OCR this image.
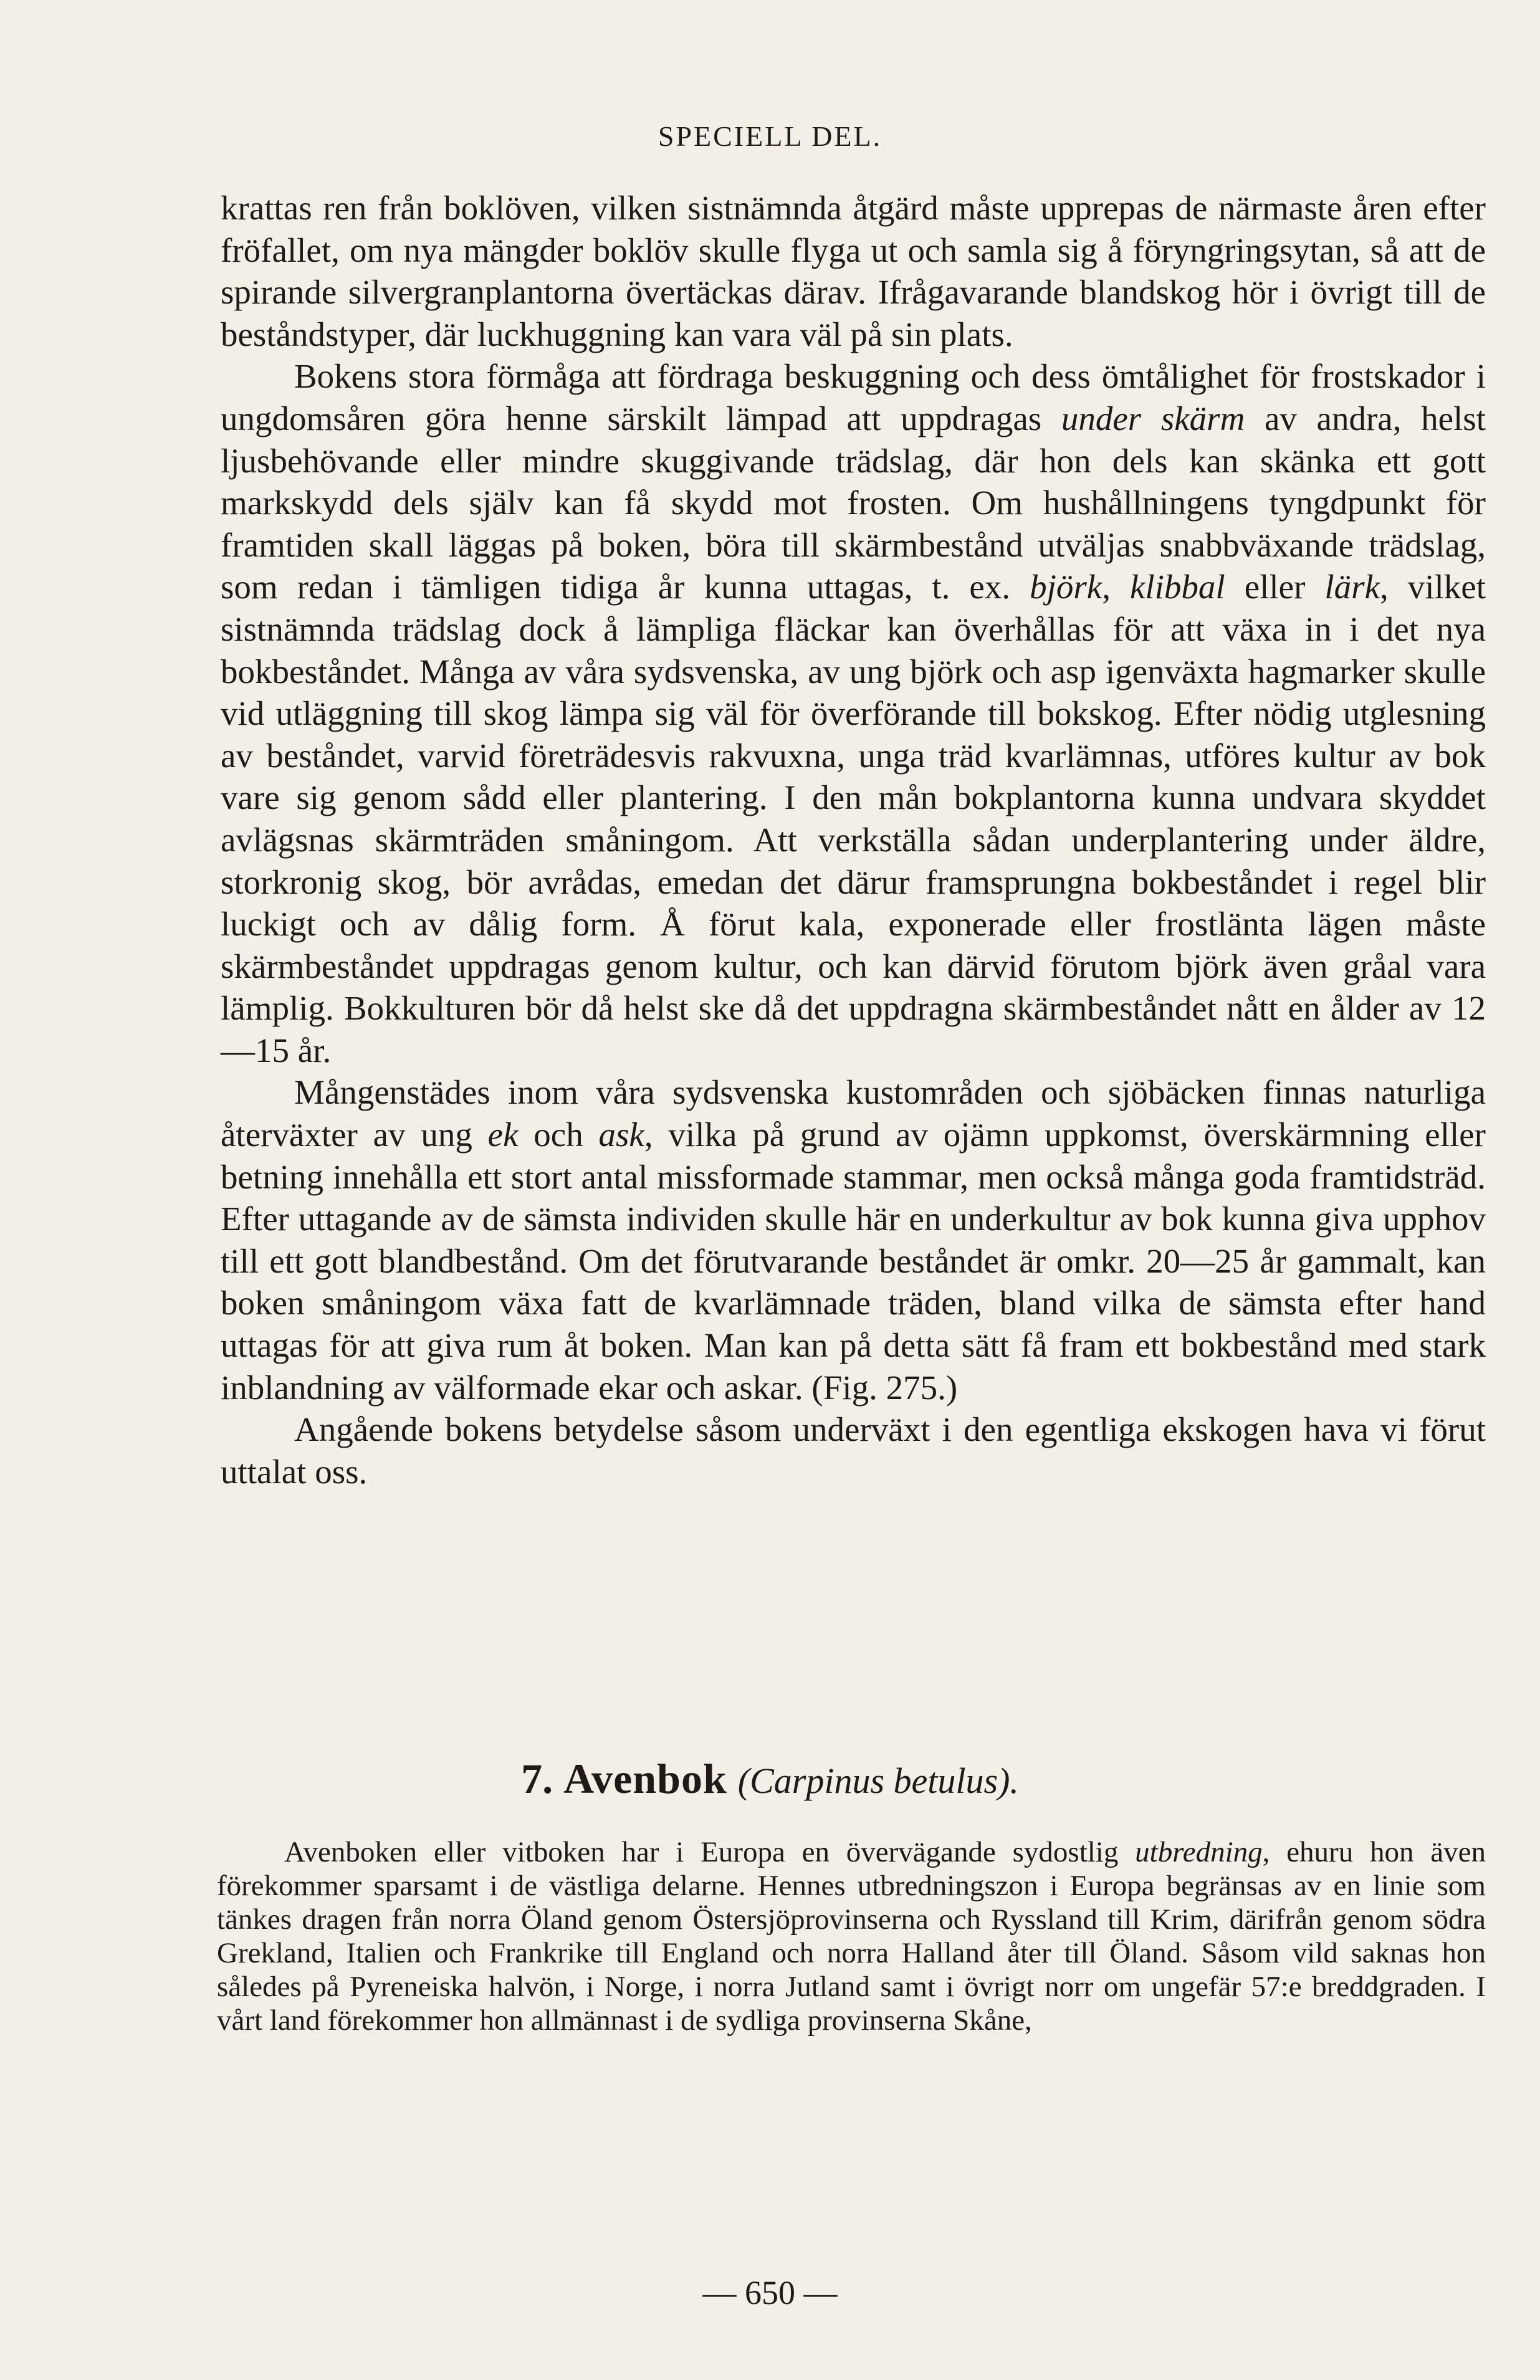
SPECIELL DEL.

krattas ren från boklöven, vilken sistnämnda åtgärd måste upprepas de närmaste åren efter fröfallet, om nya mängder boklöv skulle flyga ut och samla sig å föryngringsytan, så att de spirande silvergranplantorna övertäckas därav. Ifrågavarande blandskog hör i övrigt till de beståndstyper, där luckhuggning kan vara väl på sin plats.

Bokens stora förmåga att fördraga beskuggning och dess ömtålighet för frostskador i ungdomsåren göra henne särskilt lämpad att uppdragas under skärm av andra, helst ljusbehövande eller mindre skuggivande trädslag, där hon dels kan skänka ett gott markskydd dels själv kan få skydd mot frosten. Om hushållningens tyngdpunkt för framtiden skall läggas på boken, böra till skärmbestånd utväljas snabbväxande trädslag, som redan i tämligen tidiga år kunna uttagas, t. ex. björk, klibbal eller lärk, vilket sistnämnda trädslag dock å lämpliga fläckar kan överhållas för att växa in i det nya bokbeståndet. Många av våra sydsvenska, av ung björk och asp igenväxta hagmarker skulle vid utläggning till skog lämpa sig väl för överförande till bokskog. Efter nödig utglesning av beståndet, varvid företrädesvis rakvuxna, unga träd kvarlämnas, utföres kultur av bok vare sig genom sådd eller plantering. I den mån bokplantorna kunna undvara skyddet avlägsnas skärmträden småningom. Att verkställa sådan underplantering under äldre, storkronig skog, bör avrådas, emedan det därur framsprungna bokbeståndet i regel blir luckigt och av dålig form. Å förut kala, exponerade eller frostlänta lägen måste skärmbeståndet uppdragas genom kultur, och kan därvid förutom björk även gråal vara lämplig. Bokkulturen bör då helst ske då det uppdragna skärmbeståndet nått en ålder av 12—15 år.

Mångenstädes inom våra sydsvenska kustområden och sjöbäcken finnas naturliga återväxter av ung ek och ask, vilka på grund av ojämn uppkomst, överskärmning eller betning innehålla ett stort antal missformade stammar, men också många goda framtidsträd. Efter uttagande av de sämsta individen skulle här en underkultur av bok kunna giva upphov till ett gott blandbestånd. Om det förutvarande beståndet är omkr. 20—25 år gammalt, kan boken småningom växa fatt de kvarlämnade träden, bland vilka de sämsta efter hand uttagas för att giva rum åt boken. Man kan på detta sätt få fram ett bokbestånd med stark inblandning av välformade ekar och askar. (Fig. 275.)

Angående bokens betydelse såsom underväxt i den egentliga ekskogen hava vi förut uttalat oss.

7. Avenbok (Carpinus betulus).

Avenboken eller vitboken har i Europa en övervägande sydostlig utbredning, ehuru hon även förekommer sparsamt i de västliga delarne. Hennes utbredningszon i Europa begränsas av en linie som tänkes dragen från norra Öland genom Östersjöprovinserna och Ryssland till Krim, därifrån genom södra Grekland, Italien och Frankrike till England och norra Halland åter till Öland. Såsom vild saknas hon således på Pyreneiska halvön, i Norge, i norra Jutland samt i övrigt norr om ungefär 57:e breddgraden. I vårt land förekommer hon allmännast i de sydliga provinserna Skåne,

— 650 —
